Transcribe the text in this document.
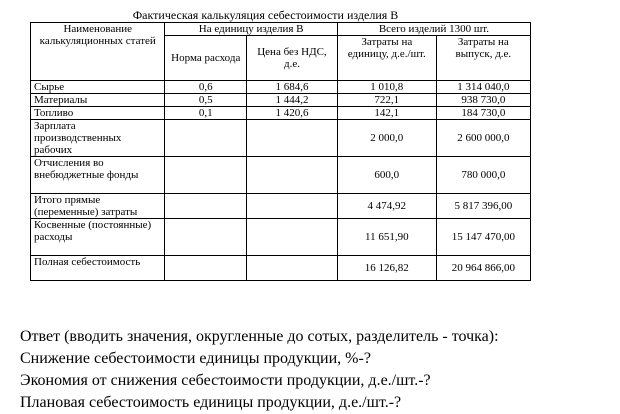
Фактическая калькуляция себестоимости изделия В
Наименование калькуляционных статей	На единицу изделия В		Всего изделий 1300 шт.	
	Норма расхода	Цена без НДС, д.е.	Затраты на единицу, д.е./шт.	Затраты на выпуск, д.е.
Сырье	0,6	1 684,6	1 010,8	1 314 040,0
Материалы	0,5	1 444,2	722,1	938 730,0
Топливо	0,1	1 420,6	142,1	184 730,0
Зарплата производственных рабочих			2 000,0	2 600 000,0
Отчисления во внебюджетные фонды			600,0	780 000,0
Итого прямые (переменные) затраты			4 474,92	5 817 396,00
Косвенные (постоянные) расходы			11 651,90	15 147 470,00
Полная себестоимость			16 126,82	20 964 866,00
Ответ (вводить значения, округленные до сотых, разделитель - точка):
Снижение себестоимости единицы продукции, %-?
Экономия от снижения себестоимости продукции, д.е./шт.-?
Плановая себестоимость единицы продукции, д.е./шт.-?
